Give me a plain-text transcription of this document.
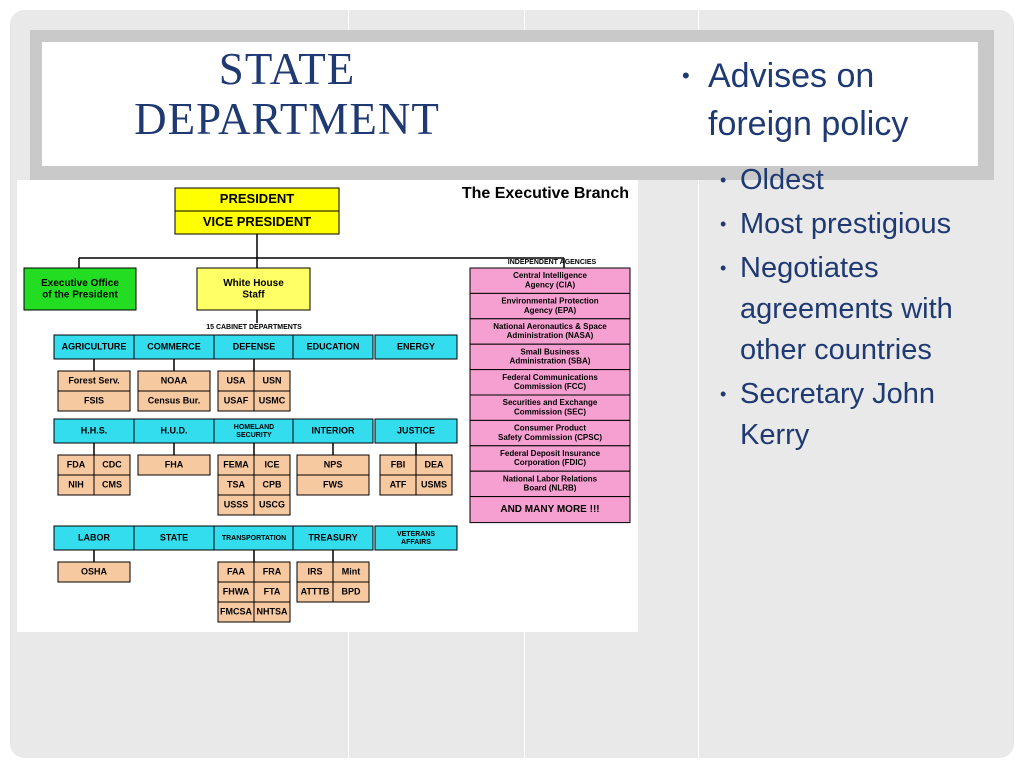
STATE DEPARTMENT
The Executive Branch
PRESIDENT
VICE PRESIDENT
Executive Office
of the President
White House
Staff
15 CABINET DEPARTMENTS
INDEPENDENT AGENCIES
AGRICULTURE
Forest Serv.
FSIS
COMMERCE
NOAA
Census Bur.
DEFENSE
USA USN
USAF USMC
EDUCATION	ENERGY
H.H.S.
FDA CDC
NIH CMS
H.U.D.
FHA
HOMELAND
SECURITY
FEMA ICE
TSA CPB
USSS USCG
INTERIOR
NPS
FWS
JUSTICE
FBI DEA
ATF USMS
LABOR
OSHA
STATE	TRANSPORTATION
FAA FRA
FHWA FTA
FMCSA NHTSA
TREASURY
IRS Mint
ATTTB BPD
VETERANS
AFFAIRS
Central Intelligence
Agency (CIA)
Environmental Protection
Agency (EPA)
National Aeronautics & Space
Administration (NASA)
Small Business
Administration (SBA)
Federal Communications
Commission (FCC)
Securities and Exchange
Commission (SEC)
Consumer Product
Safety Commission (CPSC)
Federal Deposit Insurance
Corporation (FDIC)
National Labor Relations
Board (NLRB)
AND MANY MORE !!!
• Advises on foreign policy
• Oldest
• Most prestigious
• Negotiates agreements with other countries
• Secretary John Kerry
